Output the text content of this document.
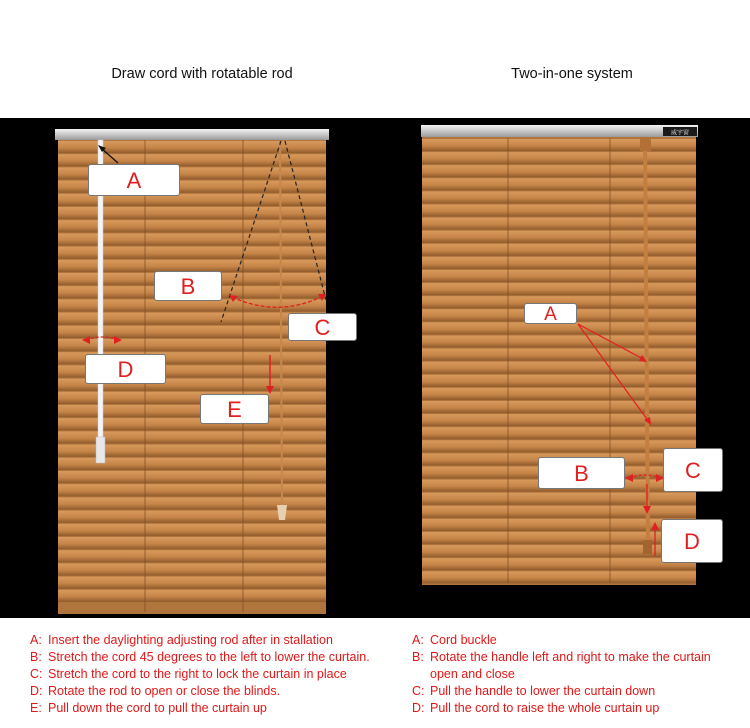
Draw cord with rotatable rod	Two-in-one system
威宇窗
A
B
C
D
E
A
B	C
D
A: Insert the daylighting adjusting rod after in stallation
B: Stretch the cord 45 degrees to the left to lower the curtain.
C: Stretch the cord to the right to lock the curtain in place
D: Rotate the rod to open or close the blinds.
E: Pull down the cord to pull the curtain up
A: Cord buckle
B: Rotate the handle left and right to make the curtain
open and close
C: Pull the handle to lower the curtain down
D: Pull the cord to raise the whole curtain up
